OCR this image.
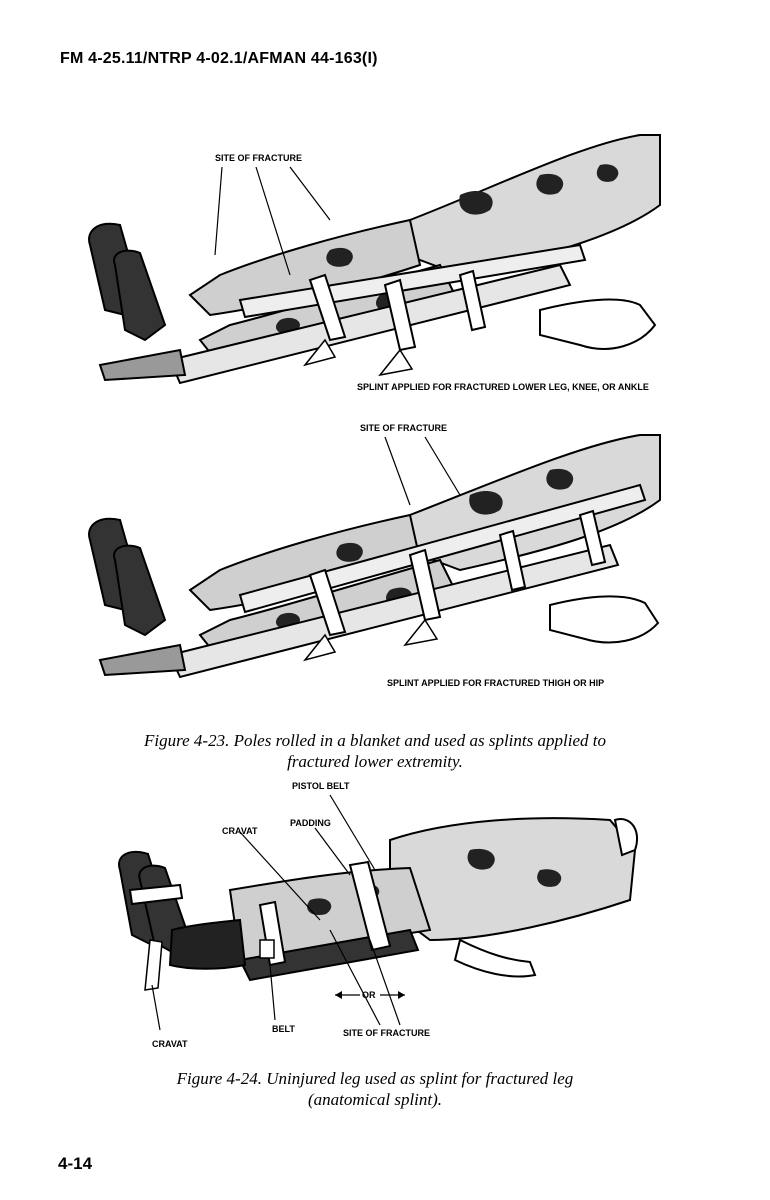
FM 4-25.11/NTRP 4-02.1/AFMAN 44-163(I)
SITE OF FRACTURE
SPLINT APPLIED FOR FRACTURED LOWER LEG, KNEE, OR ANKLE
SITE OF FRACTURE
SPLINT APPLIED FOR FRACTURED THIGH OR HIP
Figure 4-23. Poles rolled in a blanket and used as splints applied to
fractured lower extremity.
PISTOL BELT
PADDING
CRAVAT
OR
BELT	SITE OF FRACTURE
CRAVAT
Figure 4-24. Uninjured leg used as splint for fractured leg
(anatomical splint).
4-14
